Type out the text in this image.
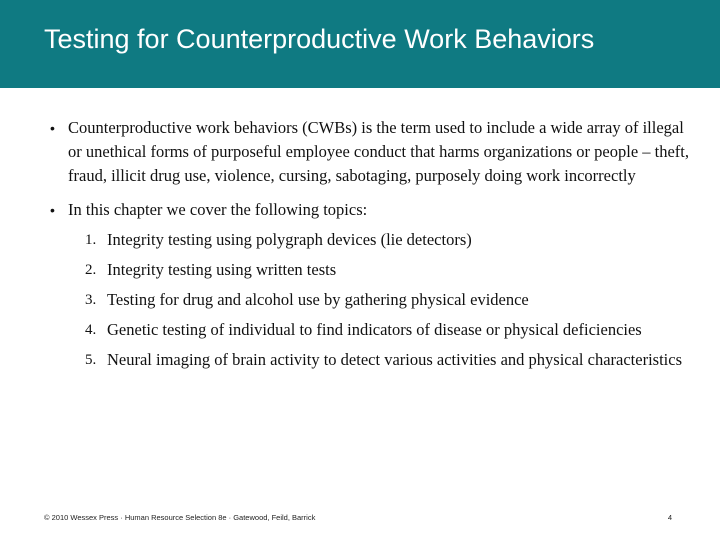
Testing for Counterproductive Work Behaviors
• Counterproductive work behaviors (CWBs) is the term used to include a wide array of illegal or unethical forms of purposeful employee conduct that harms organizations or people – theft, fraud, illicit drug use, violence, cursing, sabotaging, purposely doing work incorrectly
• In this chapter we cover the following topics:
1. Integrity testing using polygraph devices (lie detectors)
2. Integrity testing using written tests
3. Testing for drug and alcohol use by gathering physical evidence
4. Genetic testing of individual to find indicators of disease or physical deficiencies
5. Neural imaging of brain activity to detect various activities and physical characteristics
© 2010 Wessex Press · Human Resource Selection 8e · Gatewood, Feild, Barrick	4
